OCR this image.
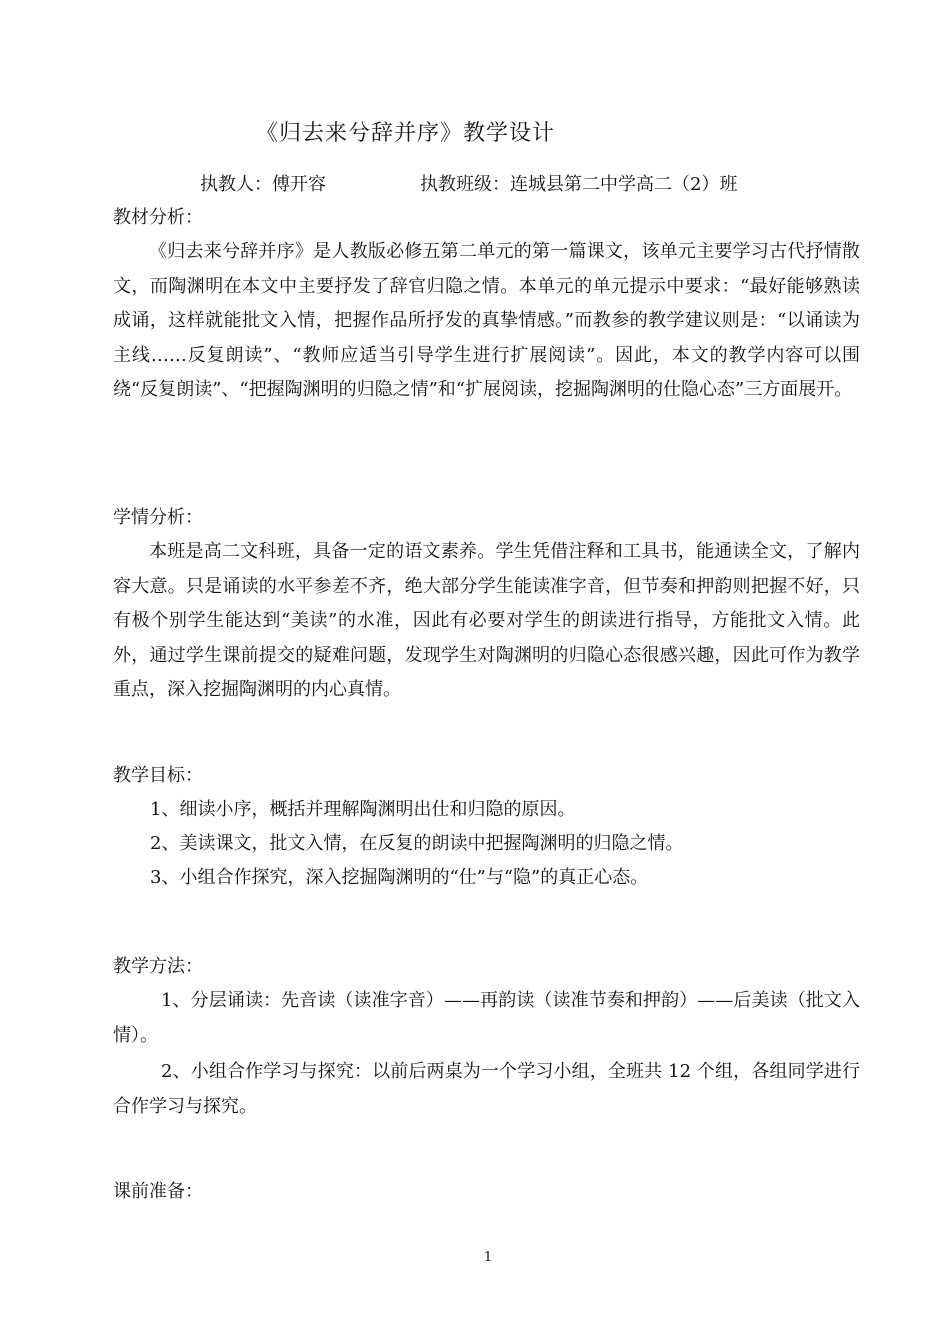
《归去来兮辞并序》教学设计
执教人：傅开容	执教班级：连城县第二中学高二（2）班
教材分析：
《归去来兮辞并序》是人教版必修五第二单元的第一篇课文，该单元主要学习古代抒情散文，而陶渊明在本文中主要抒发了辞官归隐之情。本单元的单元提示中要求：“最好能够熟读成诵，这样就能批文入情，把握作品所抒发的真挚情感。”而教参的教学建议则是：“以诵读为主线……反复朗读”、“教师应适当引导学生进行扩展阅读”。因此，本文的教学内容可以围绕“反复朗读”、“把握陶渊明的归隐之情”和“扩展阅读，挖掘陶渊明的仕隐心态”三方面展开。
学情分析：
本班是高二文科班，具备一定的语文素养。学生凭借注释和工具书，能通读全文，了解内容大意。只是诵读的水平参差不齐，绝大部分学生能读准字音，但节奏和押韵则把握不好，只有极个别学生能达到“美读”的水准，因此有必要对学生的朗读进行指导，方能批文入情。此外，通过学生课前提交的疑难问题，发现学生对陶渊明的归隐心态很感兴趣，因此可作为教学重点，深入挖掘陶渊明的内心真情。
教学目标：
1、细读小序，概括并理解陶渊明出仕和归隐的原因。
2、美读课文，批文入情，在反复的朗读中把握陶渊明的归隐之情。
3、小组合作探究，深入挖掘陶渊明的“仕”与“隐”的真正心态。
教学方法：
1、分层诵读：先音读（读准字音）——再韵读（读准节奏和押韵）——后美读（批文入情）。
2、小组合作学习与探究：以前后两桌为一个学习小组，全班共 12 个组，各组同学进行合作学习与探究。
课前准备：
1
